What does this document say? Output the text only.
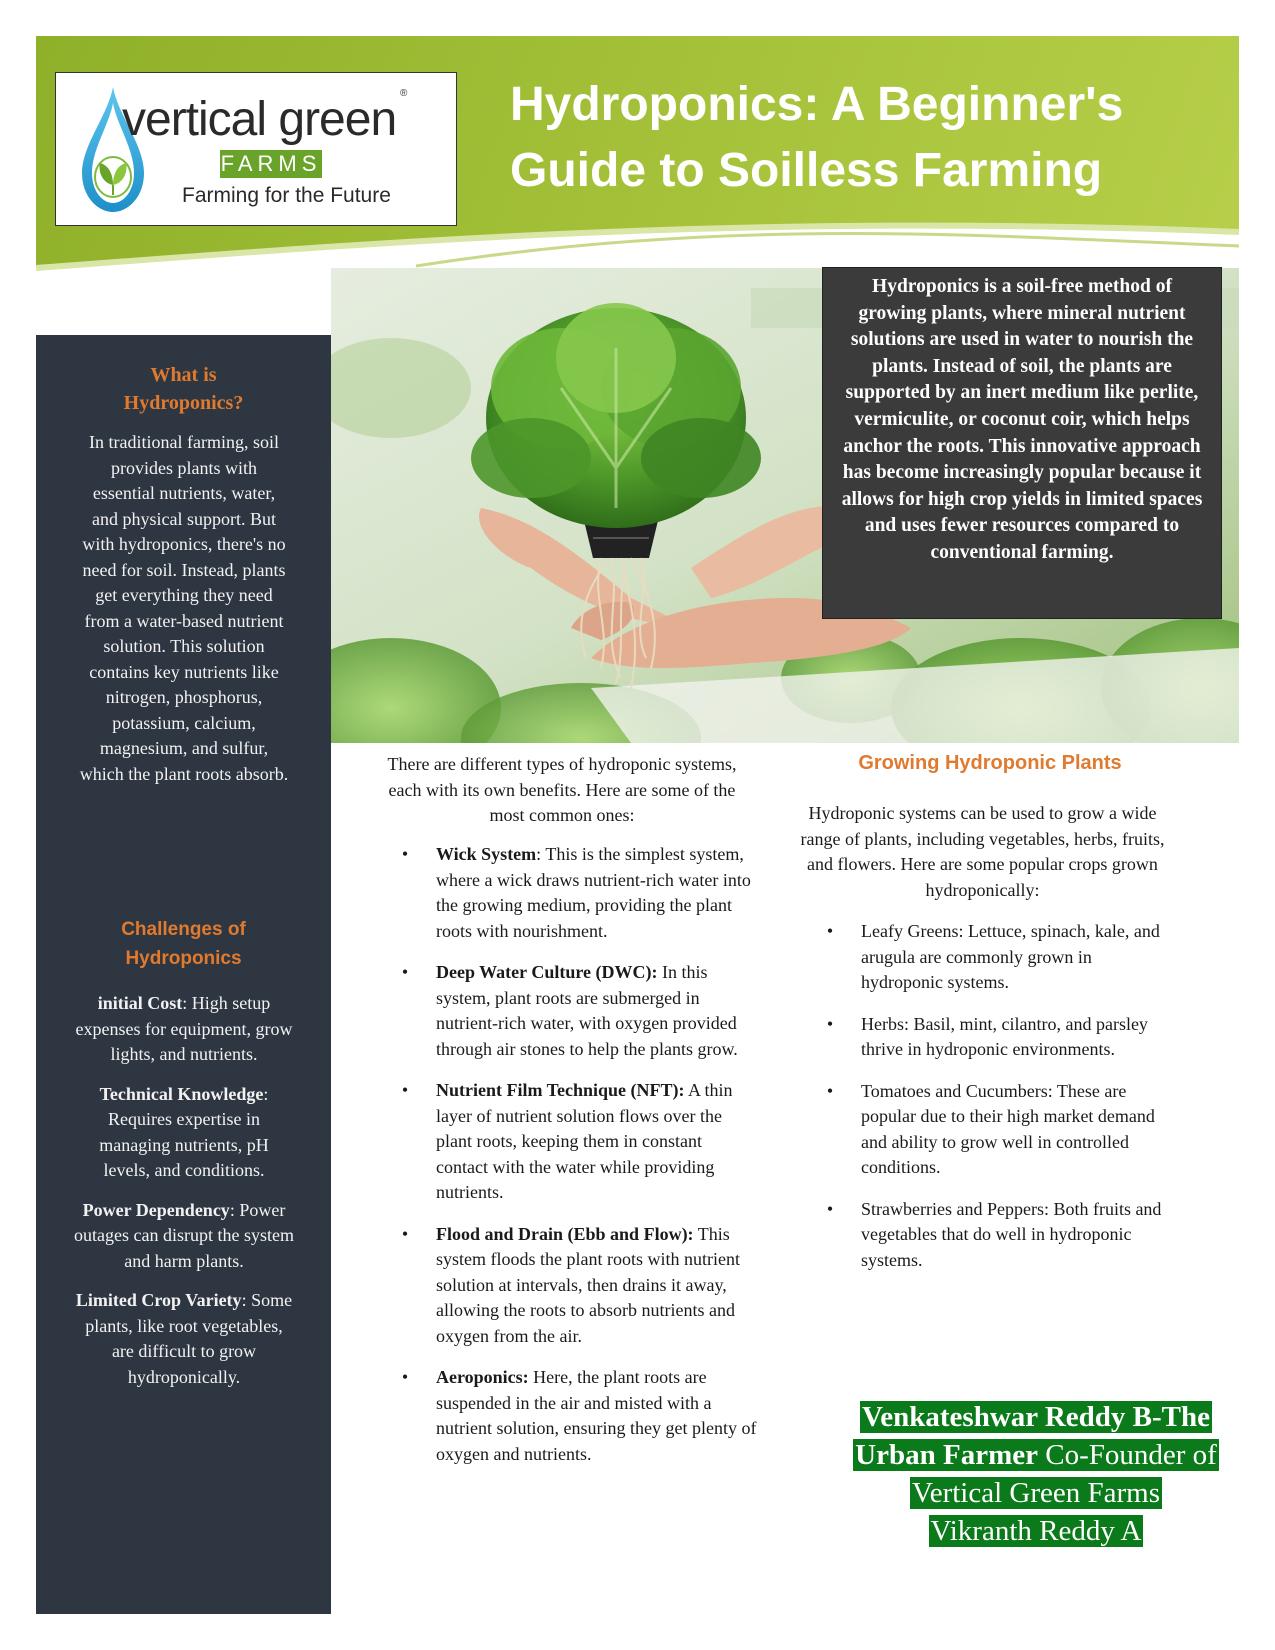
vertical green ®
FARMS
Farming for the Future
Hydroponics: A Beginner's
Guide to Soilless Farming
What is
Hydroponics?
In traditional farming, soil provides plants with essential nutrients, water, and physical support. But with hydroponics, there's no need for soil. Instead, plants get everything they need from a water-based nutrient solution. This solution contains key nutrients like nitrogen, phosphorus, potassium, calcium, magnesium, and sulfur, which the plant roots absorb.
Challenges of
Hydroponics
initial Cost: High setup expenses for equipment, grow lights, and nutrients.
Technical Knowledge: Requires expertise in managing nutrients, pH levels, and conditions.
Power Dependency: Power outages can disrupt the system and harm plants.
Limited Crop Variety: Some plants, like root vegetables, are difficult to grow hydroponically.
Hydroponics is a soil-free method of growing plants, where mineral nutrient solutions are used in water to nourish the plants. Instead of soil, the plants are supported by an inert medium like perlite, vermiculite, or coconut coir, which helps anchor the roots. This innovative approach has become increasingly popular because it allows for high crop yields in limited spaces and uses fewer resources compared to conventional farming.
There are different types of hydroponic systems, each with its own benefits. Here are some of the most common ones:
• Wick System: This is the simplest system, where a wick draws nutrient-rich water into the growing medium, providing the plant roots with nourishment.
• Deep Water Culture (DWC): In this system, plant roots are submerged in nutrient-rich water, with oxygen provided through air stones to help the plants grow.
• Nutrient Film Technique (NFT): A thin layer of nutrient solution flows over the plant roots, keeping them in constant contact with the water while providing nutrients.
• Flood and Drain (Ebb and Flow): This system floods the plant roots with nutrient solution at intervals, then drains it away, allowing the roots to absorb nutrients and oxygen from the air.
• Aeroponics: Here, the plant roots are suspended in the air and misted with a nutrient solution, ensuring they get plenty of oxygen and nutrients.
Growing Hydroponic Plants
Hydroponic systems can be used to grow a wide range of plants, including vegetables, herbs, fruits, and flowers. Here are some popular crops grown hydroponically:
• Leafy Greens: Lettuce, spinach, kale, and arugula are commonly grown in hydroponic systems.
• Herbs: Basil, mint, cilantro, and parsley thrive in hydroponic environments.
• Tomatoes and Cucumbers: These are popular due to their high market demand and ability to grow well in controlled conditions.
• Strawberries and Peppers: Both fruits and vegetables that do well in hydroponic systems.
Venkateshwar Reddy B-The Urban Farmer Co-Founder of Vertical Green Farms
Vikranth Reddy A
